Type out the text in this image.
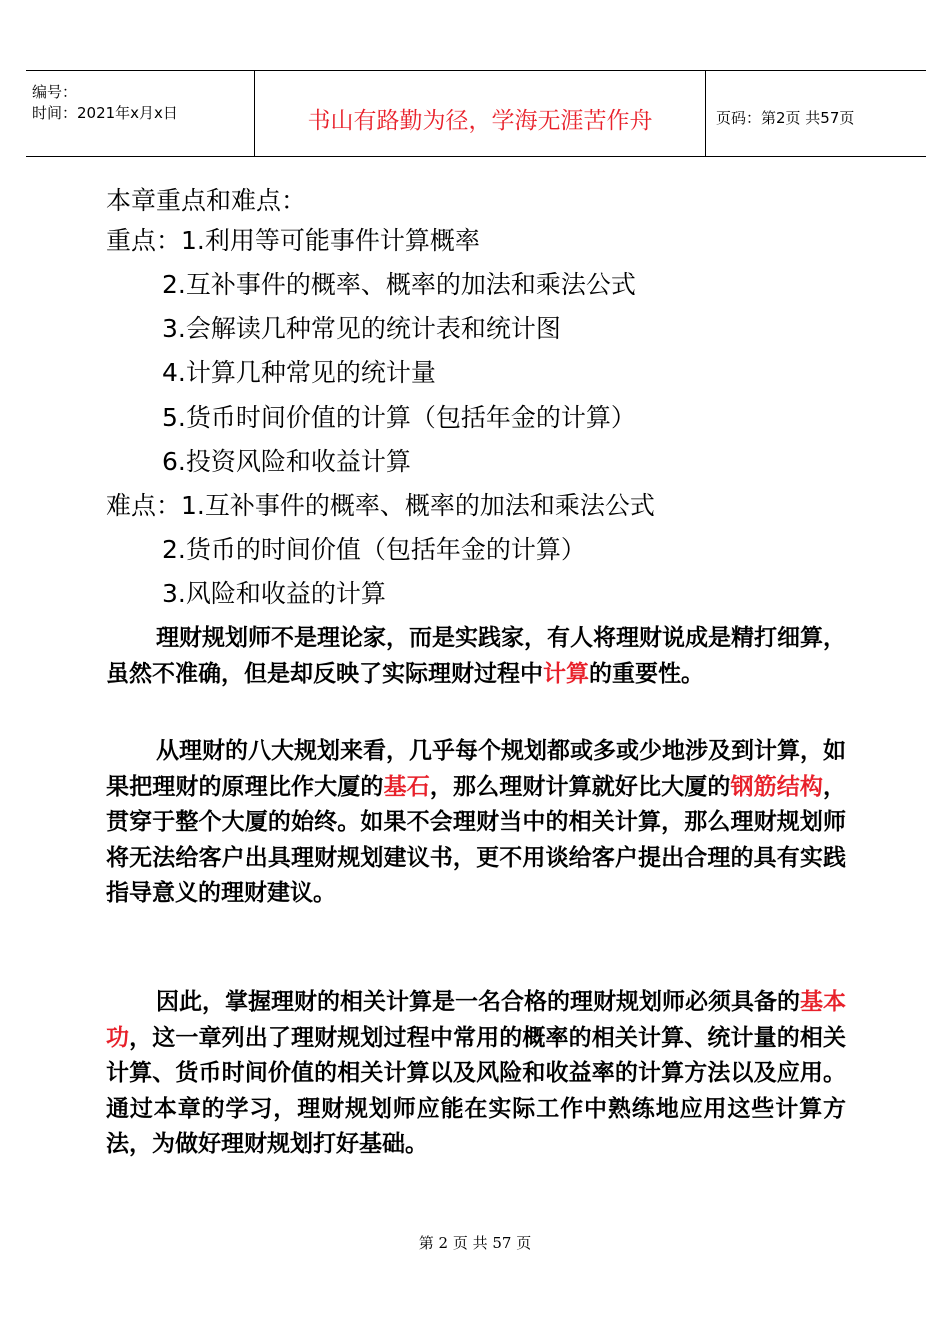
编号：
时间：2021年x月x日	书山有路勤为径，学海无涯苦作舟	页码：第2页 共57页
本章重点和难点：
重点：1.利用等可能事件计算概率
2.互补事件的概率、概率的加法和乘法公式
3.会解读几种常见的统计表和统计图
4.计算几种常见的统计量
5.货币时间价值的计算（包括年金的计算）
6.投资风险和收益计算
难点：1.互补事件的概率、概率的加法和乘法公式
2.货币的时间价值（包括年金的计算）
3.风险和收益的计算
理财规划师不是理论家，而是实践家，有人将理财说成是精打细算，虽然不准确，但是却反映了实际理财过程中计算的重要性。
从理财的八大规划来看，几乎每个规划都或多或少地涉及到计算，如果把理财的原理比作大厦的基石，那么理财计算就好比大厦的钢筋结构，贯穿于整个大厦的始终。如果不会理财当中的相关计算，那么理财规划师将无法给客户出具理财规划建议书，更不用谈给客户提出合理的具有实践指导意义的理财建议。
因此，掌握理财的相关计算是一名合格的理财规划师必须具备的基本功，这一章列出了理财规划过程中常用的概率的相关计算、统计量的相关计算、货币时间价值的相关计算以及风险和收益率的计算方法以及应用。通过本章的学习，理财规划师应能在实际工作中熟练地应用这些计算方法，为做好理财规划打好基础。
第 2 页 共 57 页
